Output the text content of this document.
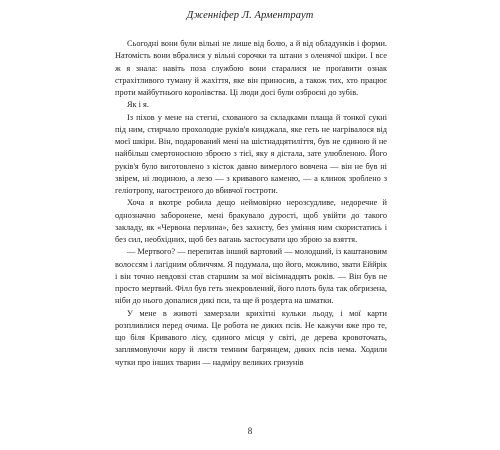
Дженніфер Л. Арментраут

Сьогодні вони були вільні не лише від болю, а й від обладунків і форми. Натомість вони вбралися у вільні сорочки та штани з оленячої шкіри. І все ж я знала: навіть поза службою вони старалися не проґавити ознак страхітливого туману й жахіття, яке він приносив, а також тих, хто працює проти майбутнього королівства. Ці люди досі були озброєні до зубів.

Як і я.

Із піхов у мене на стегні, схованого за складками плаща й тонкої сукні під ним, стирчало прохолодне руків'я кинджала, яке геть не нагрівалося від моєї шкіри. Він, подарований мені на шістнадцятиліття, був не єдиною й не найбільш смертоносною зброєю з тієї, яку я дістала, зате улюбленою. Його руків'я було виготовлено з кісток давно вимерлого вовчена — він не був ні звірем, ні людиною, а лезо — з кривавого каменю, — а клинок зроблено з геліотропу, нагостреного до вбивчої гостроти.

Хоча я вкотре робила дещо неймовірно нерозсудливе, недоречне й однозначно заборонене, мені бракувало дурості, щоб увійти до такого закладу, як «Червона перлина», без захисту, без уміння ним скористатись і без сил, необхідних, щоб без вагань застосувати цю зброю за взяття.

— Мертвого? — перепитав інший вартовий — молодший, із каштановим волоссям і лагідним обличчям. Я подумала, що його, можливо, звати Еййрік і він точно невдовзі став старшим за мої вісімнадцять років. — Він був не просто мертвий. Філл був геть знекровлений, його плоть була так обгризена, ніби до нього допалися дикі пси, та ще й роздерта на шматки.

У мене в животі замерзали крихітні кульки льоду, і мої карти розпливлися перед очима. Це робота не диких псів. Не кажучи вже про те, що біля Кривавого лісу, єдиного місця у світі, де дерева кровоточать, заплямовуючи кору й листя темним багрянцем, диких псів нема. Ходили чутки про інших тварин — надміру великих гризунів

8
